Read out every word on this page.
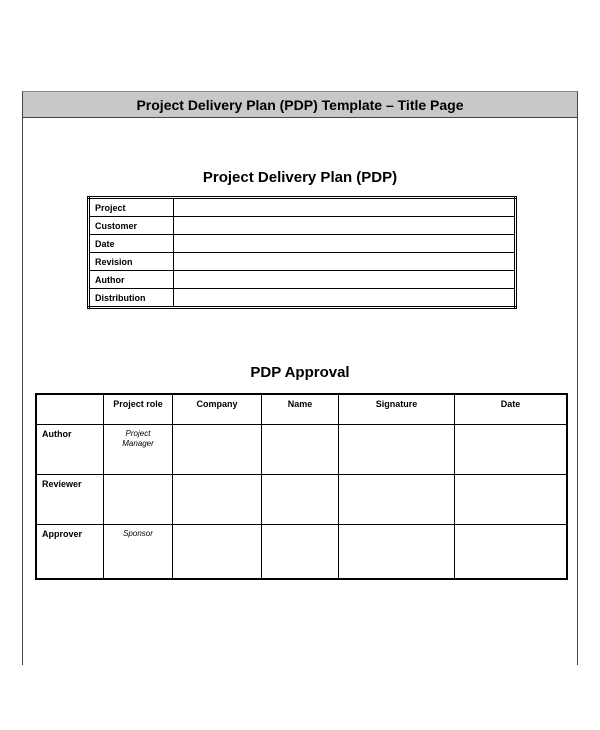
Project Delivery Plan (PDP) Template – Title Page
Project Delivery Plan (PDP)
Project	
Customer	
Date	
Revision	
Author	
Distribution	
PDP Approval
	Project role	Company	Name	Signature	Date
Author	Project Manager				
Reviewer					
Approver	Sponsor				
